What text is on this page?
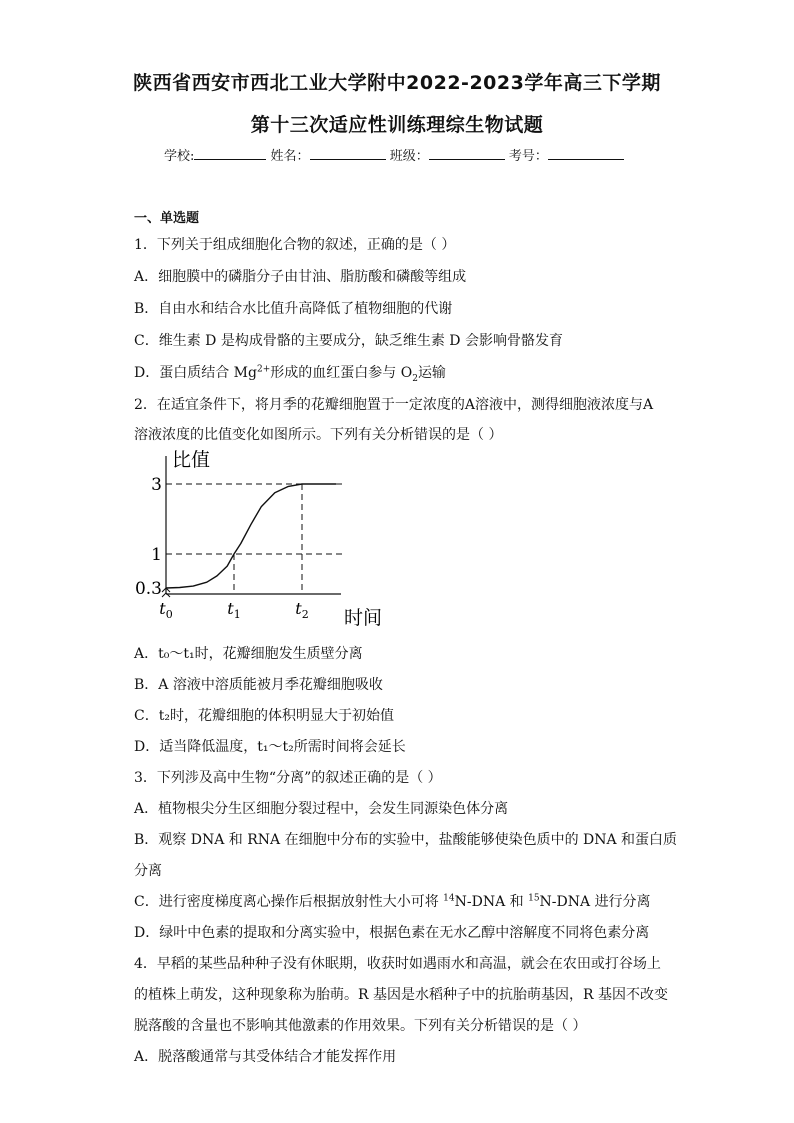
陕西省西安市西北工业大学附中2022-2023学年高三下学期
第十三次适应性训练理综生物试题
学校:	姓名：	班级：	考号：
一、单选题
1．下列关于组成细胞化合物的叙述，正确的是（ ）
A．细胞膜中的磷脂分子由甘油、脂肪酸和磷酸等组成
B．自由水和结合水比值升高降低了植物细胞的代谢
C．维生素 D 是构成骨骼的主要成分，缺乏维生素 D 会影响骨骼发育
D．蛋白质结合 $Mg^{2+}$形成的血红蛋白参与 $O_2$运输
2．在适宜条件下，将月季的花瓣细胞置于一定浓度的A溶液中，测得细胞液浓度与A
溶液浓度的比值变化如图所示。下列有关分析错误的是（ ）
比值
时间
0.3
1
3
$t_0$	$t_1$	$t_2$
A．t₀～t₁时，花瓣细胞发生质壁分离
B．A 溶液中溶质能被月季花瓣细胞吸收
C．t₂时，花瓣细胞的体积明显大于初始值
D．适当降低温度，t₁～t₂所需时间将会延长
3．下列涉及高中生物“分离”的叙述正确的是（ ）
A．植物根尖分生区细胞分裂过程中，会发生同源染色体分离
B．观察 DNA 和 RNA 在细胞中分布的实验中，盐酸能够使染色质中的 DNA 和蛋白质
分离
C．进行密度梯度离心操作后根据放射性大小可将 $^{14}$N-DNA 和 $^{15}$N-DNA 进行分离
D．绿叶中色素的提取和分离实验中，根据色素在无水乙醇中溶解度不同将色素分离
4．早稻的某些品种种子没有休眠期，收获时如遇雨水和高温，就会在农田或打谷场上
的植株上萌发，这种现象称为胎萌。R 基因是水稻种子中的抗胎萌基因，R 基因不改变
脱落酸的含量也不影响其他激素的作用效果。下列有关分析错误的是（ ）
A．脱落酸通常与其受体结合才能发挥作用
